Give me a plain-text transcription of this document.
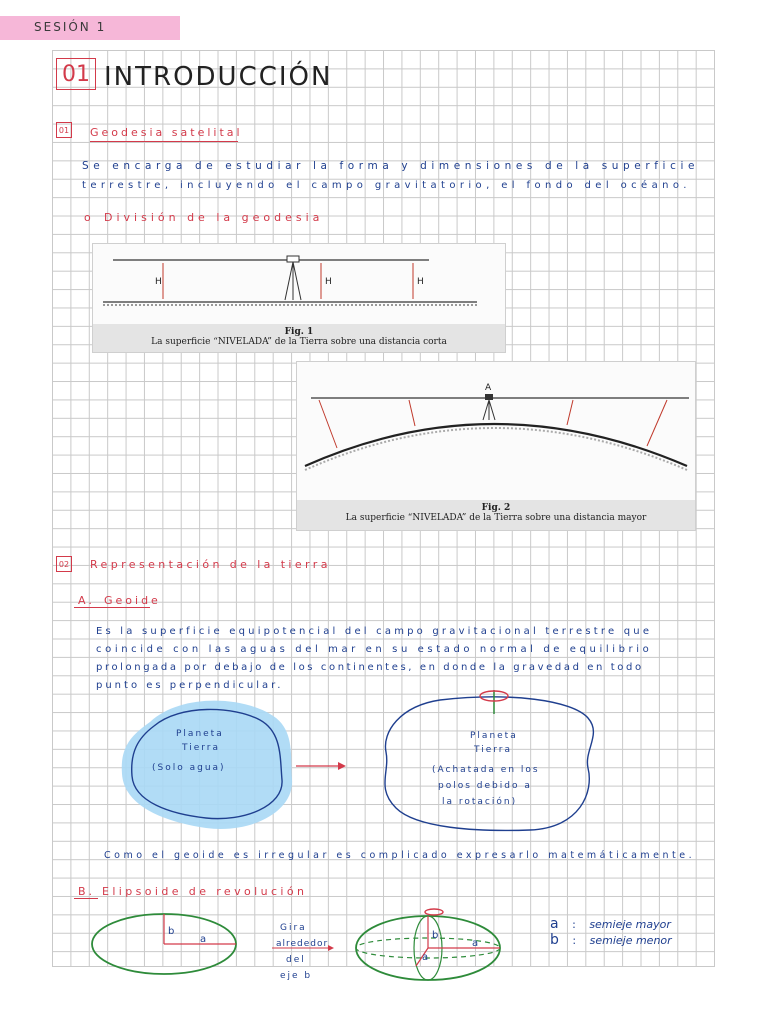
SESIÓN 1
01 INTRODUCCIÓN
01 Geodesia satelital
Se encarga de estudiar la forma y dimensiones de la superficie
terrestre, incluyendo el campo gravitatorio, el fondo del océano.
o División de la geodesia
H	H	H
Fig. 1
La superficie “NIVELADA” de la Tierra sobre una distancia corta
A
Fig. 2
La superficie “NIVELADA” de la Tierra sobre una distancia mayor
02 Representación de la tierra
A. Geoide
Es la superficie equipotencial del campo gravitacional terrestre que
coincide con las aguas del mar en su estado normal de equilibrio
prolongada por debajo de los continentes, en donde la gravedad en todo
punto es perpendicular.
Planeta
Tierra
(Solo agua)
Planeta
Tierra
(Achatada en los
polos debido a
la rotación)
Como el geoide es irregular es complicado expresarlo matemáticamente.
B. Elipsoide de revolución
b
a
Gira
alrededor
del
eje b
b
a
a
a : semieje mayor
b : semieje menor
